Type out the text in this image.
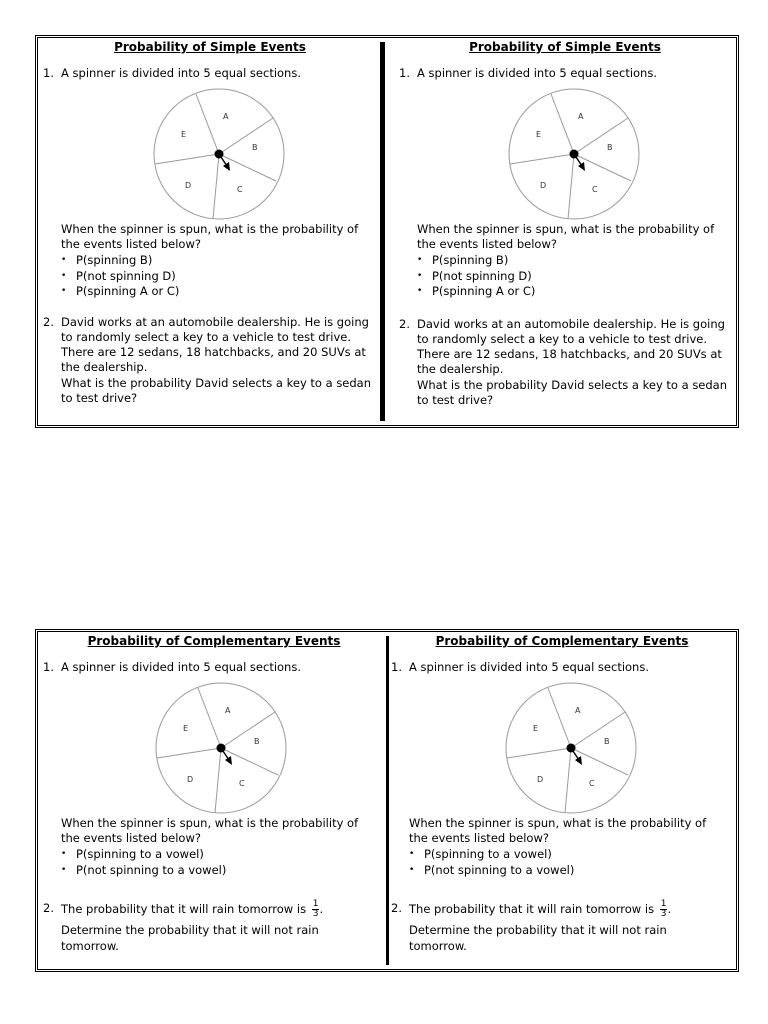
Probability of Simple Events
1. A spinner is divided into 5 equal sections.
A
B
C
D
E
When the spinner is spun, what is the probability of
the events listed below?
• P(spinning B)
• P(not spinning D)
• P(spinning A or C)
2. David works at an automobile dealership. He is going
to randomly select a key to a vehicle to test drive.
There are 12 sedans, 18 hatchbacks, and 20 SUVs at
the dealership.
What is the probability David selects a key to a sedan
to test drive?
Probability of Simple Events
1. A spinner is divided into 5 equal sections.
A
B
C
D
E
When the spinner is spun, what is the probability of
the events listed below?
• P(spinning B)
• P(not spinning D)
• P(spinning A or C)
2. David works at an automobile dealership. He is going
to randomly select a key to a vehicle to test drive.
There are 12 sedans, 18 hatchbacks, and 20 SUVs at
the dealership.
What is the probability David selects a key to a sedan
to test drive?
Probability of Complementary Events
1. A spinner is divided into 5 equal sections.
A
B
C
D
E
When the spinner is spun, what is the probability of
the events listed below?
• P(spinning to a vowel)
• P(not spinning to a vowel)
2. The probability that it will rain tomorrow is $\frac{1}{3}$ .
Determine the probability that it will not rain
tomorrow.
Probability of Complementary Events
1. A spinner is divided into 5 equal sections.
A
B
C
D
E
When the spinner is spun, what is the probability of
the events listed below?
• P(spinning to a vowel)
• P(not spinning to a vowel)
2. The probability that it will rain tomorrow is $\frac{1}{3}$ .
Determine the probability that it will not rain
tomorrow.
